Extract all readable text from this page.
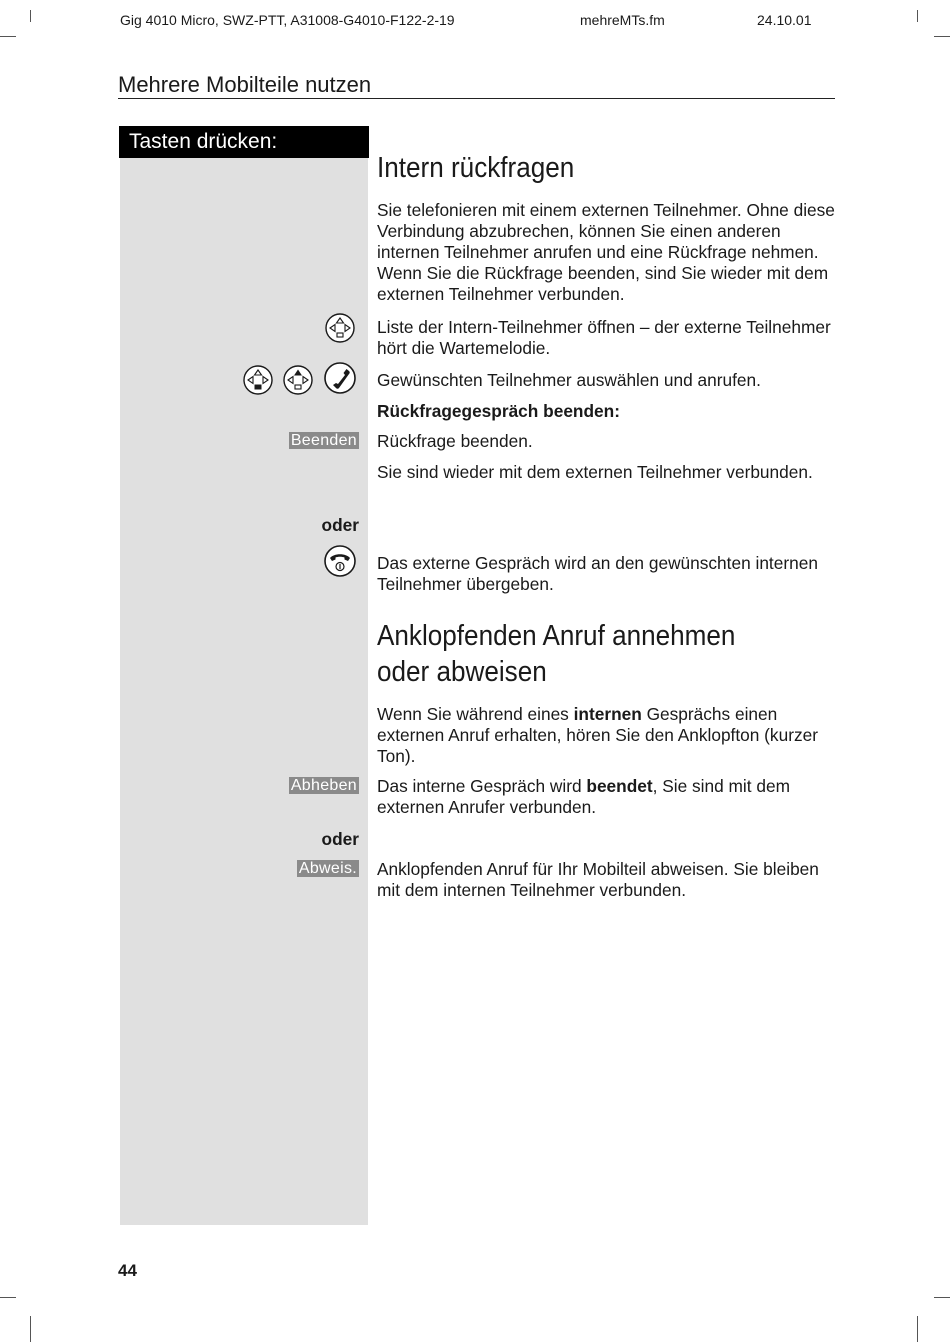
Gig 4010 Micro, SWZ-PTT, A31008-G4010-F122-2-19	mehreMTs.fm	24.10.01
Mehrere Mobilteile nutzen
Tasten drücken:
Intern rückfragen
Sie telefonieren mit einem externen Teilnehmer. Ohne diese Verbindung abzubrechen, können Sie einen anderen internen Teilnehmer anrufen und eine Rückfrage nehmen. Wenn Sie die Rückfrage beenden, sind Sie wieder mit dem externen Teilnehmer verbunden.
Liste der Intern-Teilnehmer öffnen – der externe Teilnehmer hört die Wartemelodie.
Gewünschten Teilnehmer auswählen und anrufen.
Rückfragegespräch beenden:
Beenden Rückfrage beenden.
Sie sind wieder mit dem externen Teilnehmer verbunden.
oder
Das externe Gespräch wird an den gewünschten internen Teilnehmer übergeben.
Anklopfenden Anruf annehmen oder abweisen
Wenn Sie während eines internen Gesprächs einen externen Anruf erhalten, hören Sie den Anklopfton (kurzer Ton).
Abheben Das interne Gespräch wird beendet, Sie sind mit dem externen Anrufer verbunden.
oder
Abweis. Anklopfenden Anruf für Ihr Mobilteil abweisen. Sie bleiben mit dem internen Teilnehmer verbunden.
44
